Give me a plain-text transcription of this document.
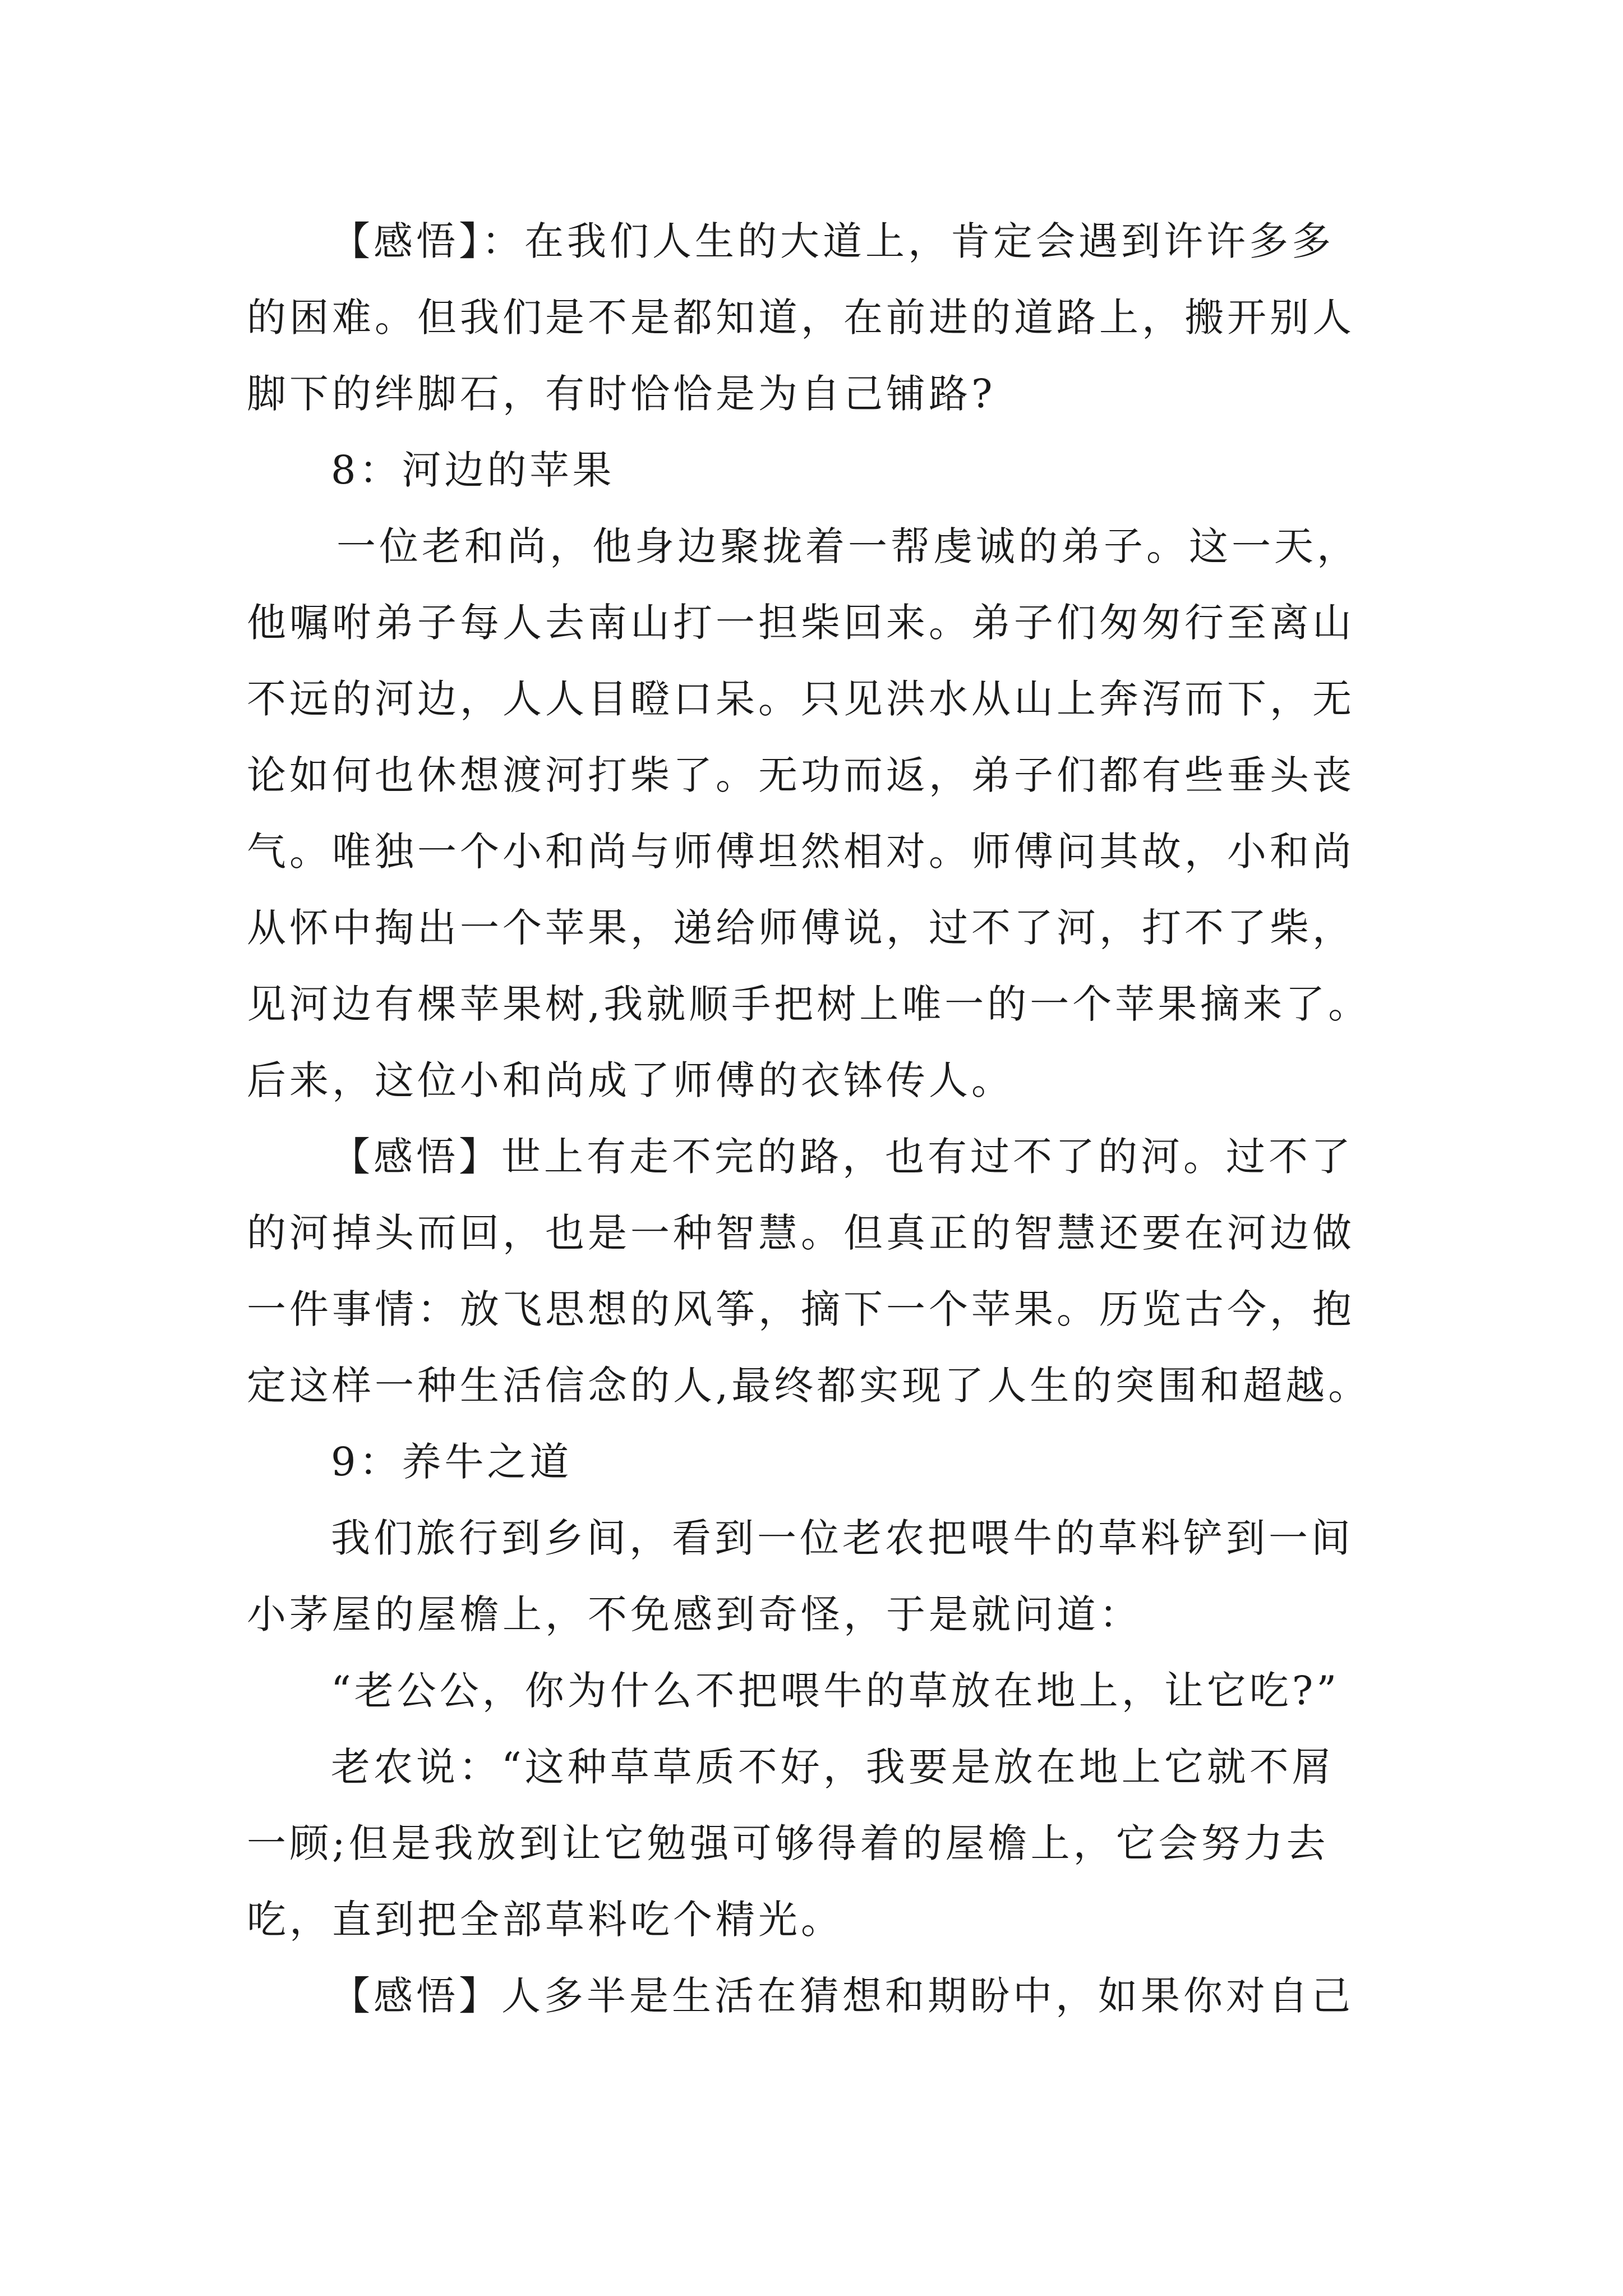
【感悟】：在我们人生的大道上，肯定会遇到许许多多
的困难。但我们是不是都知道，在前进的道路上，搬开别人
脚下的绊脚石，有时恰恰是为自己铺路?
8：河边的苹果
一位老和尚，他身边聚拢着一帮虔诚的弟子。这一天，
他嘱咐弟子每人去南山打一担柴回来。弟子们匆匆行至离山
不远的河边，人人目瞪口呆。只见洪水从山上奔泻而下，无
论如何也休想渡河打柴了。无功而返，弟子们都有些垂头丧
气。唯独一个小和尚与师傅坦然相对。师傅问其故，小和尚
从怀中掏出一个苹果，递给师傅说，过不了河，打不了柴，
见河边有棵苹果树,我就顺手把树上唯一的一个苹果摘来了。
后来，这位小和尚成了师傅的衣钵传人。
【感悟】世上有走不完的路，也有过不了的河。过不了
的河掉头而回，也是一种智慧。但真正的智慧还要在河边做
一件事情：放飞思想的风筝，摘下一个苹果。历览古今，抱
定这样一种生活信念的人,最终都实现了人生的突围和超越。
9：养牛之道
我们旅行到乡间，看到一位老农把喂牛的草料铲到一间
小茅屋的屋檐上，不免感到奇怪，于是就问道：
“老公公，你为什么不把喂牛的草放在地上，让它吃?”
老农说：“这种草草质不好，我要是放在地上它就不屑
一顾;但是我放到让它勉强可够得着的屋檐上，它会努力去
吃，直到把全部草料吃个精光。
【感悟】人多半是生活在猜想和期盼中，如果你对自己
